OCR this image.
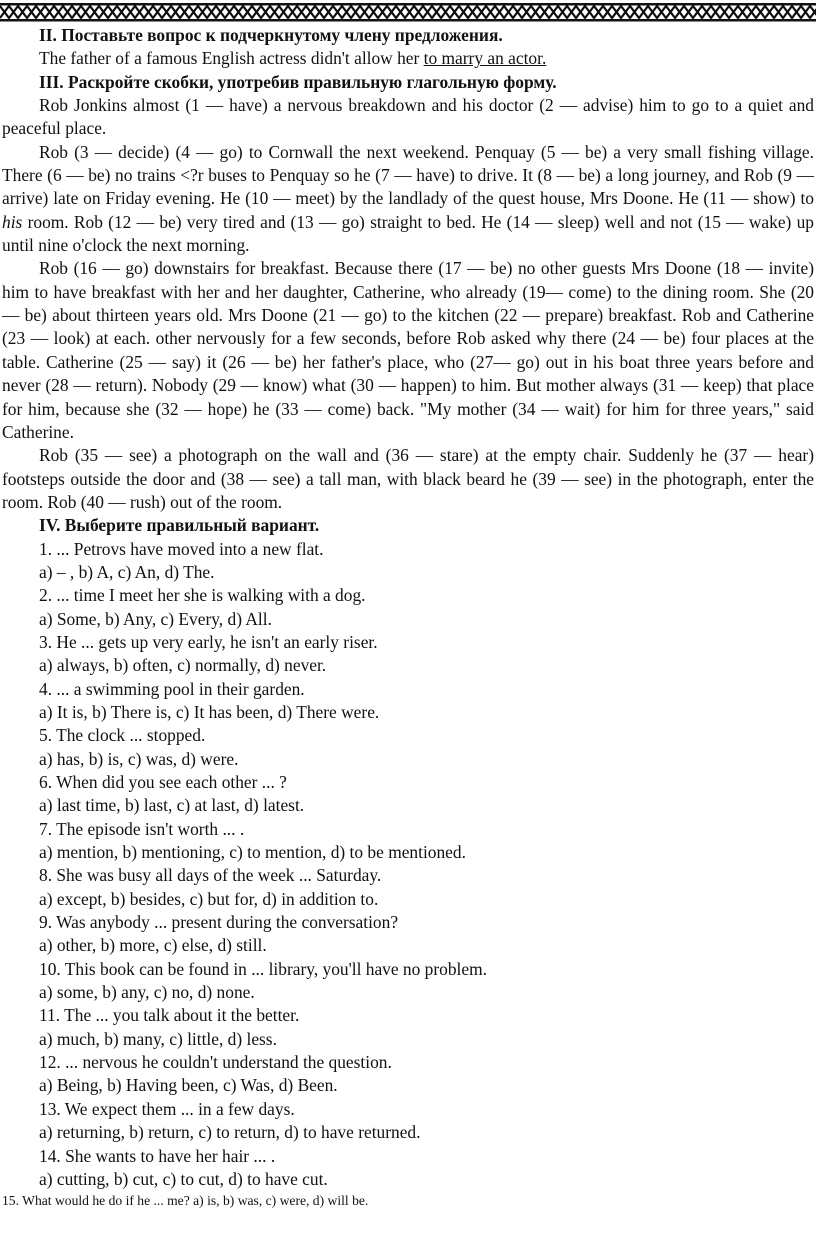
II. Поставьте вопрос к подчеркнутому члену предложения.
The father of a famous English actress didn't allow her to marry an actor.
III. Раскройте скобки, употребив правильную глагольную форму.
Rob Jonkins almost (1 — have) a nervous breakdown and his doctor (2 — advise) him to go to a quiet and peaceful place.
Rob (3 — decide) (4 — go) to Cornwall the next weekend. Penquay (5 — be) a very small fishing village. There (6 — be) no trains <?r buses to Penquay so he (7 — have) to drive. It (8 — be) a long journey, and Rob (9 — arrive) late on Friday evening. He (10 — meet) by the landlady of the quest house, Mrs Doone. He (11 — show) to his room. Rob (12 — be) very tired and (13 — go) straight to bed. He (14 — sleep) well and not (15 — wake) up until nine o'clock the next morning.
Rob (16 — go) downstairs for breakfast. Because there (17 — be) no other guests Mrs Doone (18 — invite) him to have breakfast with her and her daughter, Catherine, who already (19— come) to the dining room. She (20 — be) about thirteen years old. Mrs Doone (21 — go) to the kitchen (22 — prepare) breakfast. Rob and Catherine (23 — look) at each. other nervously for a few seconds, before Rob asked why there (24 — be) four places at the table. Catherine (25 — say) it (26 — be) her father's place, who (27— go) out in his boat three years before and never (28 — return). Nobody (29 — know) what (30 — happen) to him. But mother always (31 — keep) that place for him, because she (32 — hope) he (33 — come) back. "My mother (34 — wait) for him for three years," said Catherine.
Rob (35 — see) a photograph on the wall and (36 — stare) at the empty chair. Suddenly he (37 — hear) footsteps outside the door and (38 — see) a tall man, with black beard he (39 — see) in the photograph, enter the room. Rob (40 — rush) out of the room.
IV. Выберите правильный вариант.
1. ... Petrovs have moved into a new flat.
a) – , b) A, c) An, d) The.
2. ... time I meet her she is walking with a dog.
a) Some, b) Any, c) Every, d) All.
3. He ... gets up very early, he isn't an early riser.
a) always, b) often, c) normally, d) never.
4. ... a swimming pool in their garden.
a) It is, b) There is, c) It has been, d) There were.
5. The clock ... stopped.
a) has, b) is, c) was, d) were.
6. When did you see each other ... ?
a) last time, b) last, c) at last, d) latest.
7. The episode isn't worth ... .
a) mention, b) mentioning, c) to mention, d) to be mentioned.
8. She was busy all days of the week ... Saturday.
a) except, b) besides, c) but for, d) in addition to.
9. Was anybody ... present during the conversation?
a) other, b) more, c) else, d) still.
10. This book can be found in ... library, you'll have no problem.
a) some, b) any, c) no, d) none.
11. The ... you talk about it the better.
a) much, b) many, c) little, d) less.
12. ... nervous he couldn't understand the question.
a) Being, b) Having been, c) Was, d) Been.
13. We expect them ... in a few days.
a) returning, b) return, c) to return, d) to have returned.
14. She wants to have her hair ... .
a) cutting, b) cut, c) to cut, d) to have cut.
15. What would he do if he ... me? a) is, b) was, c) were, d) will be.
